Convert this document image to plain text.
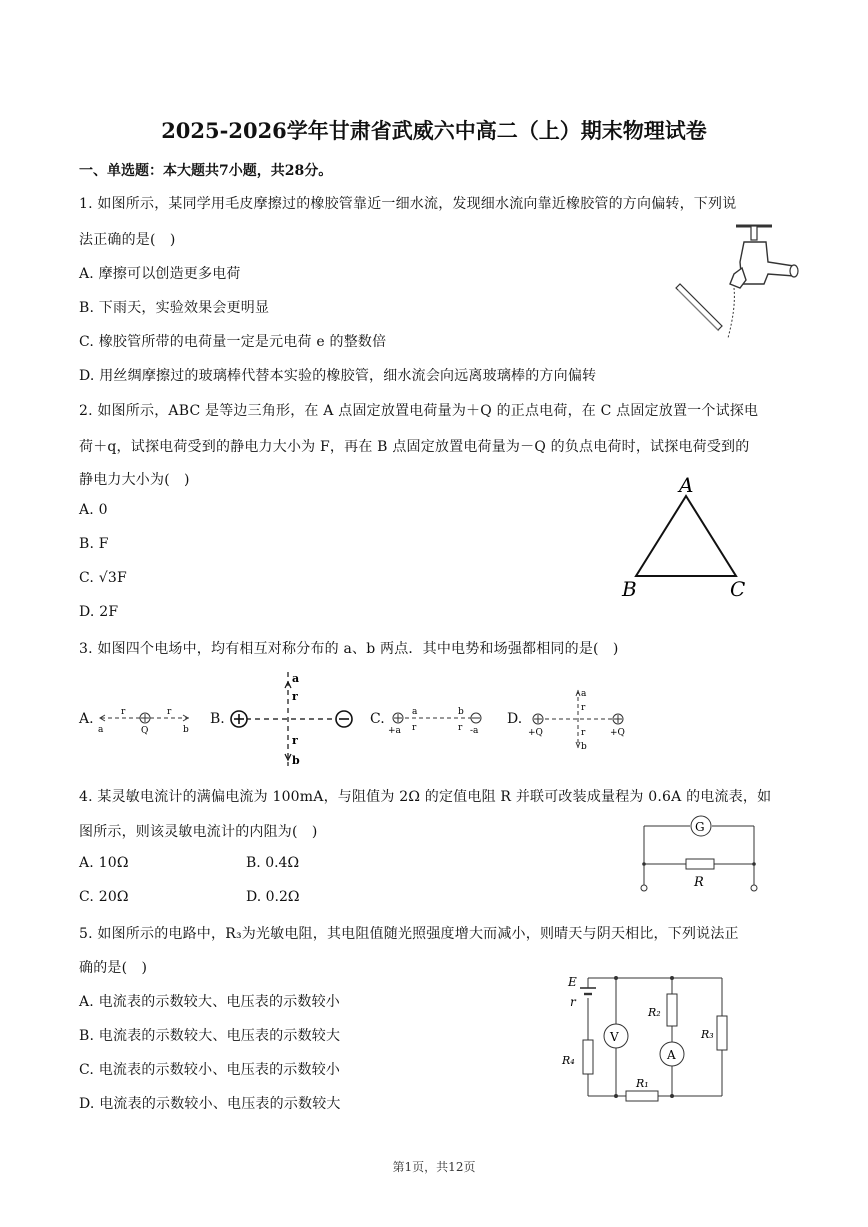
2025-2026学年甘肃省武威六中高二（上）期末物理试卷
一、单选题：本大题共7小题，共28分。
1. 如图所示，某同学用毛皮摩擦过的橡胶管靠近一细水流，发现细水流向靠近橡胶管的方向偏转，下列说
法正确的是(　)
A. 摩擦可以创造更多电荷
B. 下雨天，实验效果会更明显
C. 橡胶管所带的电荷量一定是元电荷 e 的整数倍
D. 用丝绸摩擦过的玻璃棒代替本实验的橡胶管，细水流会向远离玻璃棒的方向偏转
2. 如图所示，ABC 是等边三角形，在 A 点固定放置电荷量为＋Q 的正点电荷，在 C 点固定放置一个试探电
荷＋q，试探电荷受到的静电力大小为 F，再在 B 点固定放置电荷量为－Q 的负点电荷时，试探电荷受到的
静电力大小为(　)
A. 0
B. F
C. √3F
D. 2F
A
B	C
3. 如图四个电场中，均有相互对称分布的 a、b 两点．其中电势和场强都相同的是(　)
A.
a
r	r
Q	b
B.
a
r
r
b
C.	a
r
b
r
+a	-a
D.
a
r
r
b
+Q	+Q
4. 某灵敏电流计的满偏电流为 100mA，与阻值为 2Ω 的定值电阻 R 并联可改装成量程为 0.6A 的电流表，如
图所示，则该灵敏电流计的内阻为(　)
A. 10Ω	B. 0.4Ω
C. 20Ω	D. 0.2Ω
G
R
5. 如图所示的电路中，R₃为光敏电阻，其电阻值随光照强度增大而减小，则晴天与阴天相比，下列说法正
确的是(　)
A. 电流表的示数较大、电压表的示数较小
B. 电流表的示数较大、电压表的示数较大
C. 电流表的示数较小、电压表的示数较小
D. 电流表的示数较小、电压表的示数较大
E
r
R₄
V
R₂
A
R₁
R₃
第1页，共12页
